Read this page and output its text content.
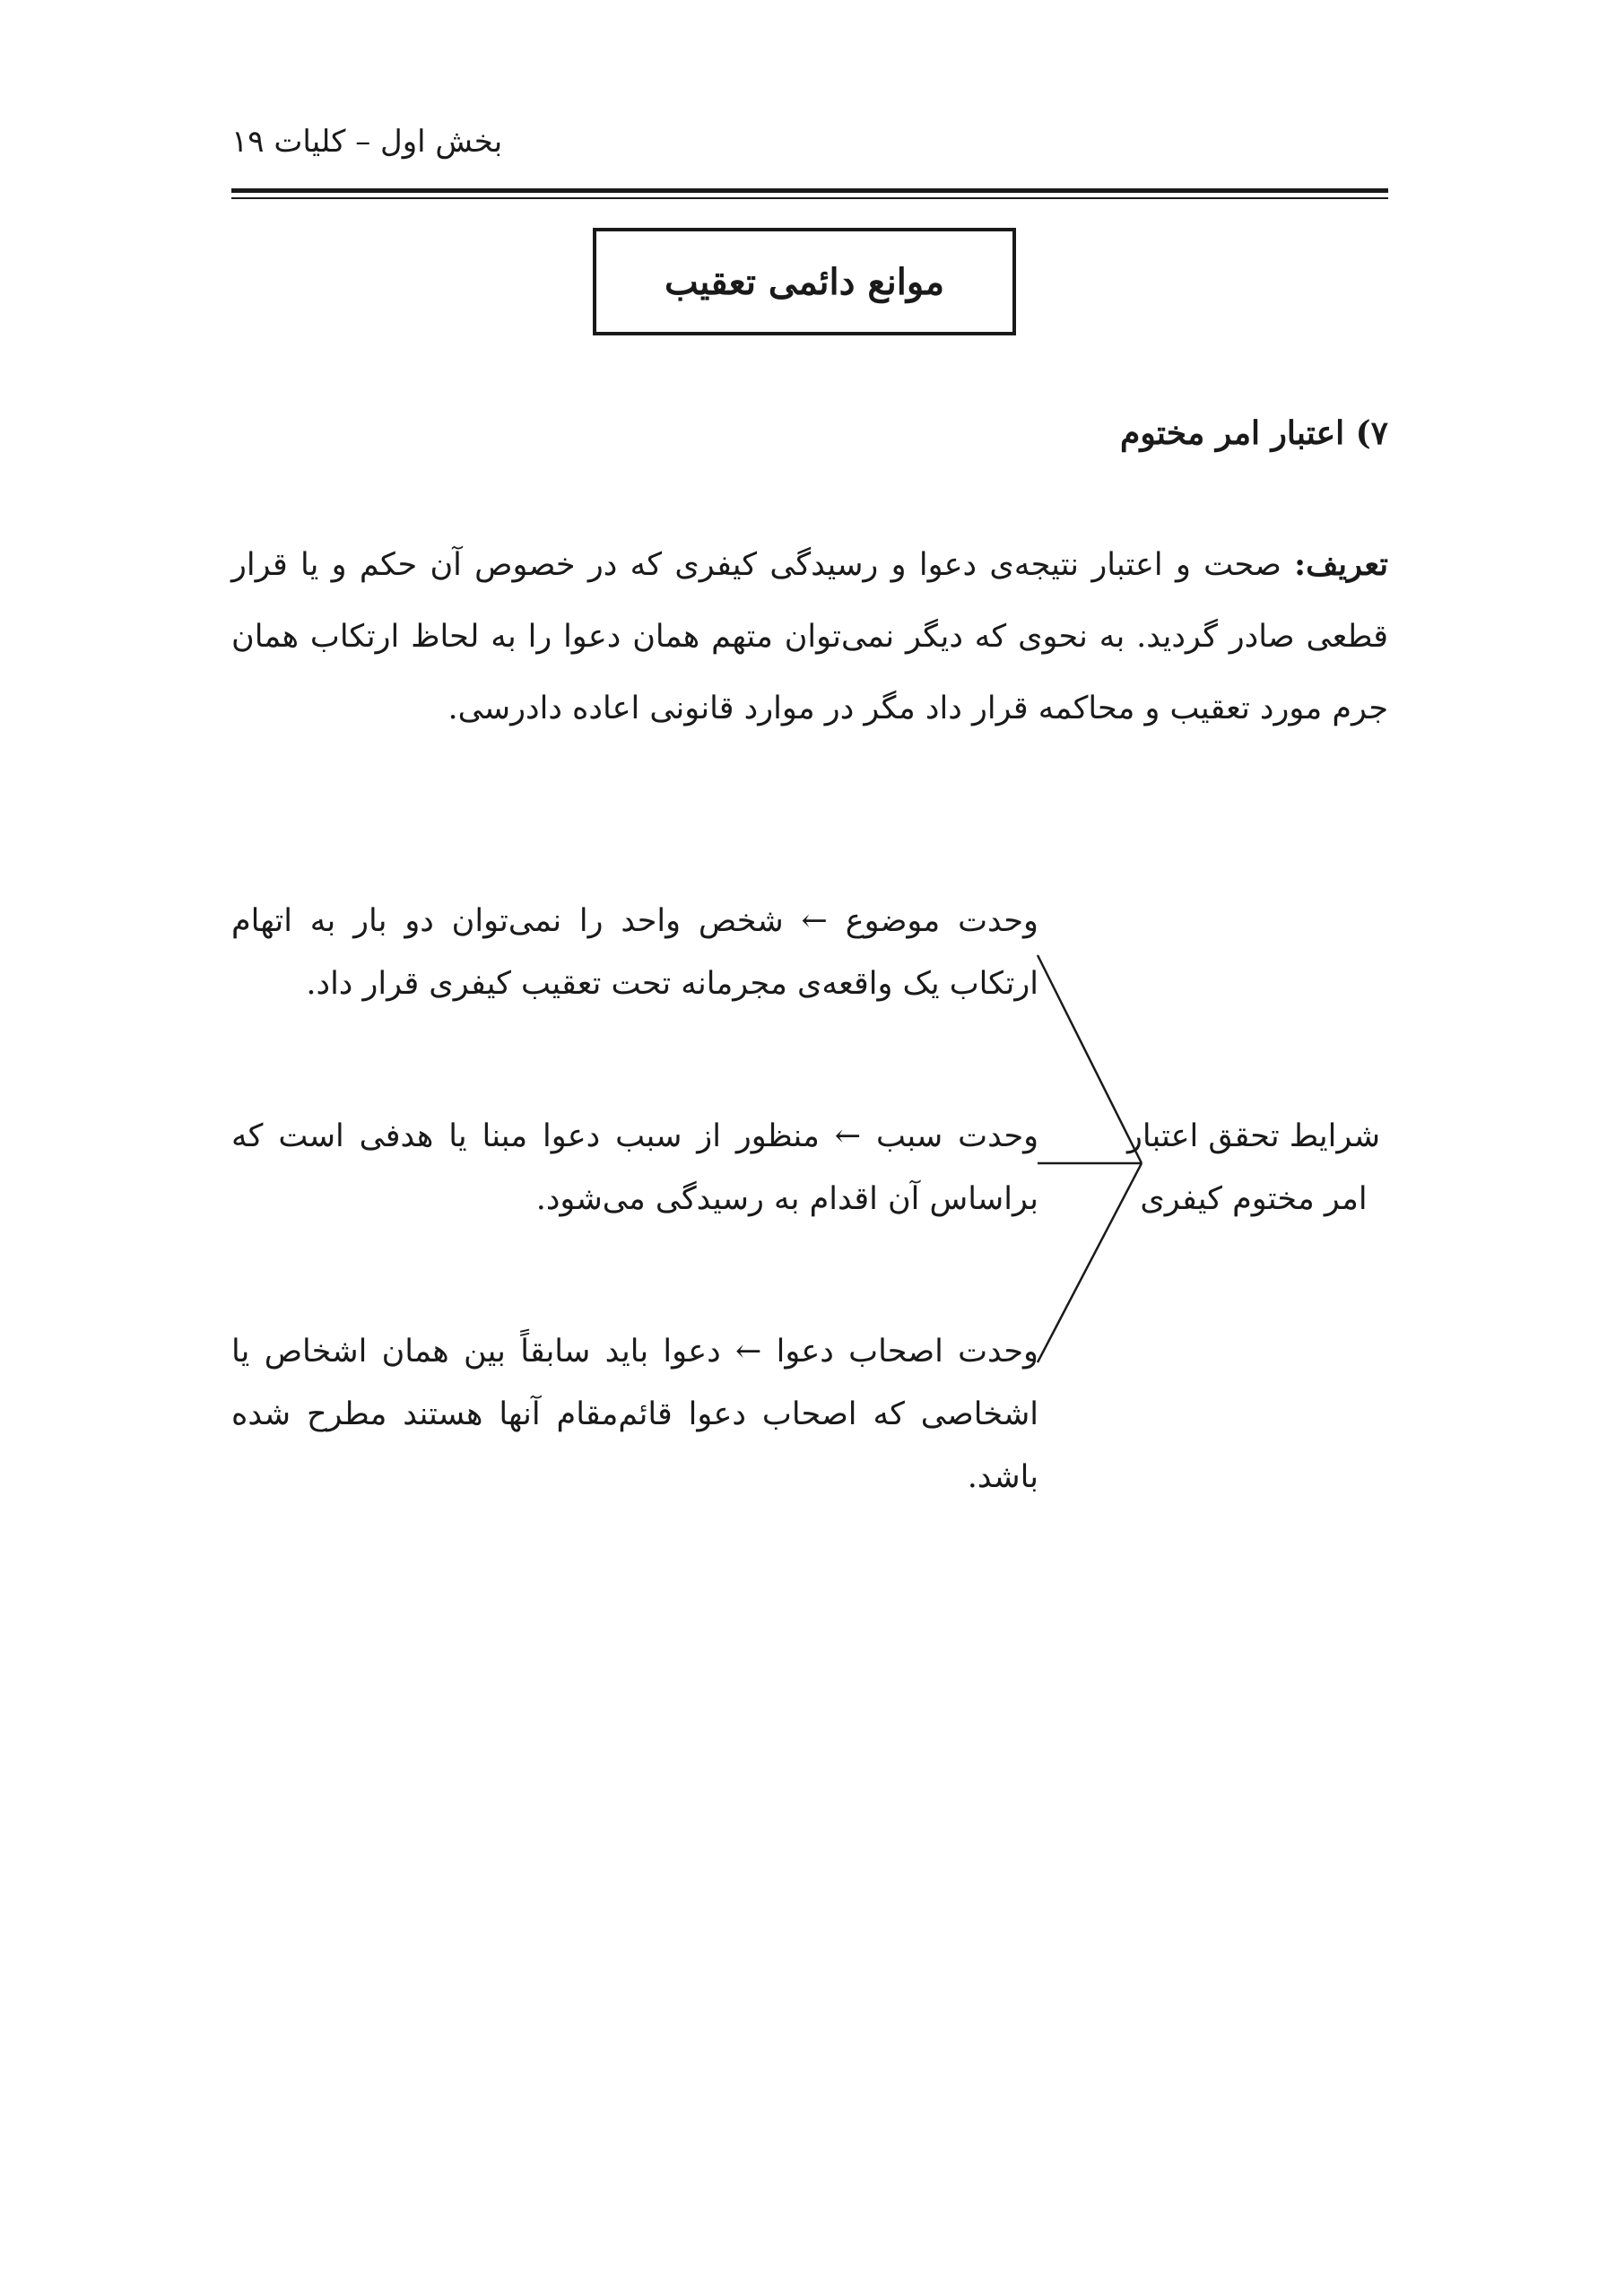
بخش اول – کلیات ۱۹
موانع دائمی تعقیب
۷) اعتبار امر مختوم
تعریف: صحت و اعتبار نتیجه‌ی دعوا و رسیدگی کیفری که در خصوص آن حکم و یا قرار قطعی صادر گردید. به نحوی که دیگر نمی‌توان متهم همان دعوا را به لحاظ ارتکاب همان جرم مورد تعقیب و محاکمه قرار داد مگر در موارد قانونی اعاده دادرسی.
شرایط تحقق اعتبار امر مختوم کیفری
وحدت موضوع ← شخص واحد را نمی‌توان دو بار به اتهام ارتکاب یک واقعه‌ی مجرمانه تحت تعقیب کیفری قرار داد.
وحدت سبب ← منظور از سبب دعوا مبنا یا هدفی است که براساس آن اقدام به رسیدگی می‌شود.
وحدت اصحاب دعوا ← دعوا باید سابقاً بین همان اشخاص یا اشخاصی که اصحاب دعوا قائم‌مقام آنها هستند مطرح شده باشد.
